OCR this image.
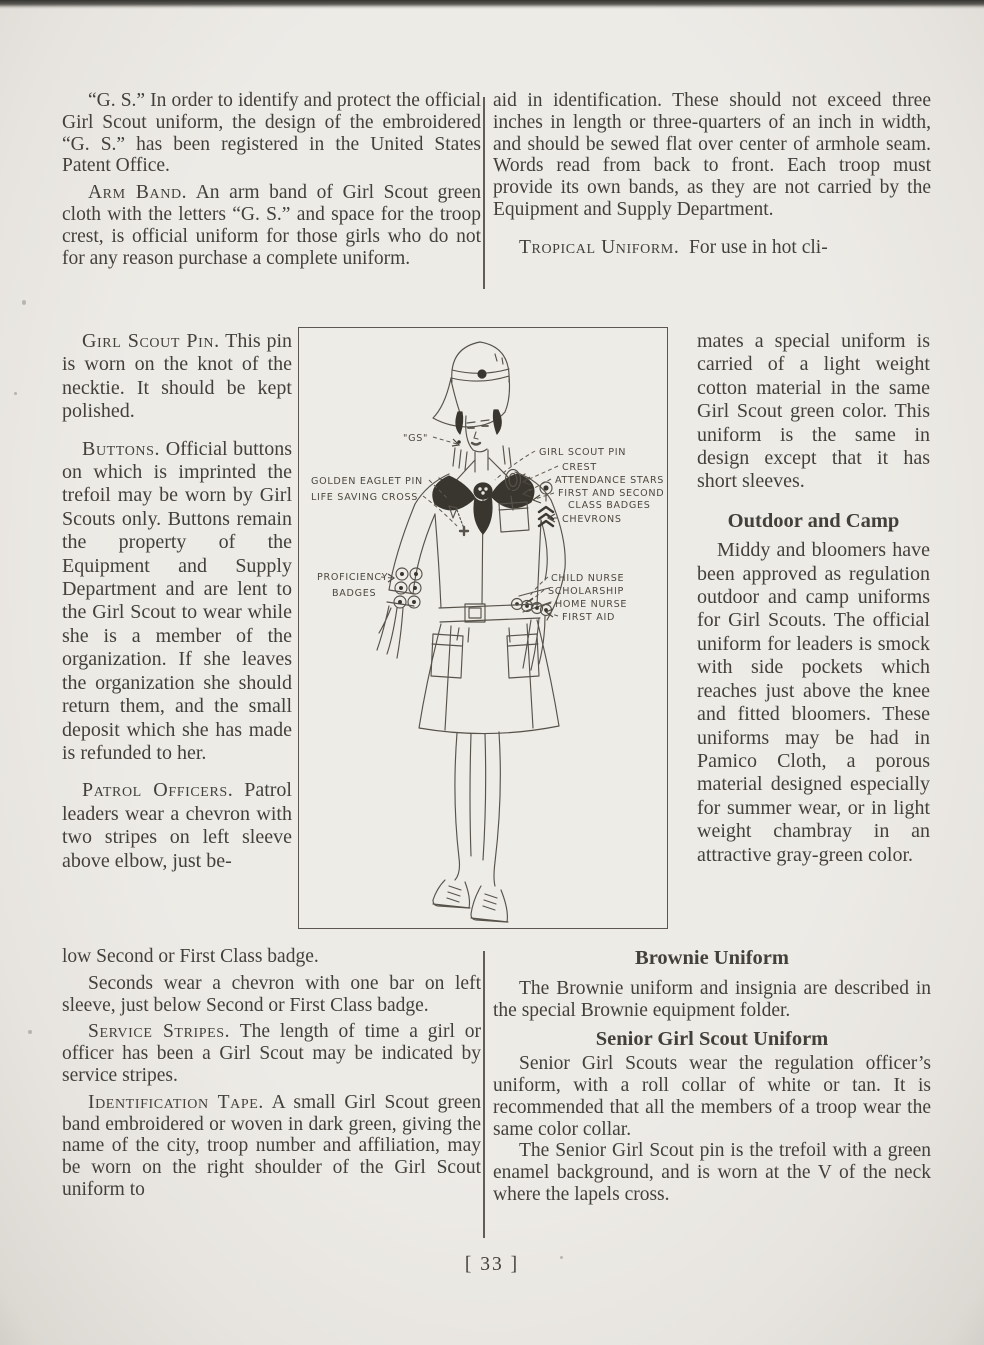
“G. S.” In order to identify and protect the official Girl Scout uniform, the design of the embroidered “G. S.” has been registered in the United States Patent Office.

Arm Band. An arm band of Girl Scout green cloth with the letters “G. S.” and space for the troop crest, is official uniform for those girls who do not for any reason purchase a complete uniform.

aid in identification. These should not exceed three inches in length or three-quarters of an inch in width, and should be sewed flat over center of armhole seam. Words read from back to front. Each troop must provide its own bands, as they are not carried by the Equipment and Supply Department.

Tropical Uniform. For use in hot cli-

Girl Scout Pin. This pin is worn on the knot of the necktie. It should be kept polished.

Buttons. Official buttons on which is imprinted the trefoil may be worn by Girl Scouts only. Buttons remain the property of the Equipment and Supply Department and are lent to the Girl Scout to wear while she is a member of the organization. If she leaves the organization she should return them, and the small deposit which she has made is refunded to her.

Patrol Officers. Patrol leaders wear a chevron with two stripes on left sleeve above elbow, just be-

mates a special uniform is carried of a light weight cotton material in the same Girl Scout green color. This uniform is the same in design except that it has short sleeves.

Outdoor and Camp

Middy and bloomers have been approved as regulation outdoor and camp uniforms for Girl Scouts. The official uniform for leaders is smock with side pockets which reaches just above the knee and fitted bloomers. These uniforms may be had in Pamico Cloth, a porous material designed especially for summer wear, or in light weight chambray in an attractive gray-green color.

low Second or First Class badge.

Seconds wear a chevron with one bar on left sleeve, just below Second or First Class badge.

Service Stripes. The length of time a girl or officer has been a Girl Scout may be indicated by service stripes.

Identification Tape. A small Girl Scout green band embroidered or woven in dark green, giving the name of the city, troop number and affiliation, may be worn on the right shoulder of the Girl Scout uniform to

Brownie Uniform

The Brownie uniform and insignia are described in the special Brownie equipment folder.

Senior Girl Scout Uniform

Senior Girl Scouts wear the regulation officer’s uniform, with a roll collar of white or tan. It is recommended that all the members of a troop wear the same color collar.

The Senior Girl Scout pin is the trefoil with a green enamel background, and is worn at the V of the neck where the lapels cross.

"GS"
GOLDEN EAGLET PIN
LIFE SAVING CROSS
PROFICIENCY
BADGES
GIRL SCOUT PIN
CREST
ATTENDANCE STARS
FIRST AND SECOND
CLASS BADGES
CHEVRONS
CHILD NURSE
SCHOLARSHIP
HOME NURSE
FIRST AID
[ 33 ]
